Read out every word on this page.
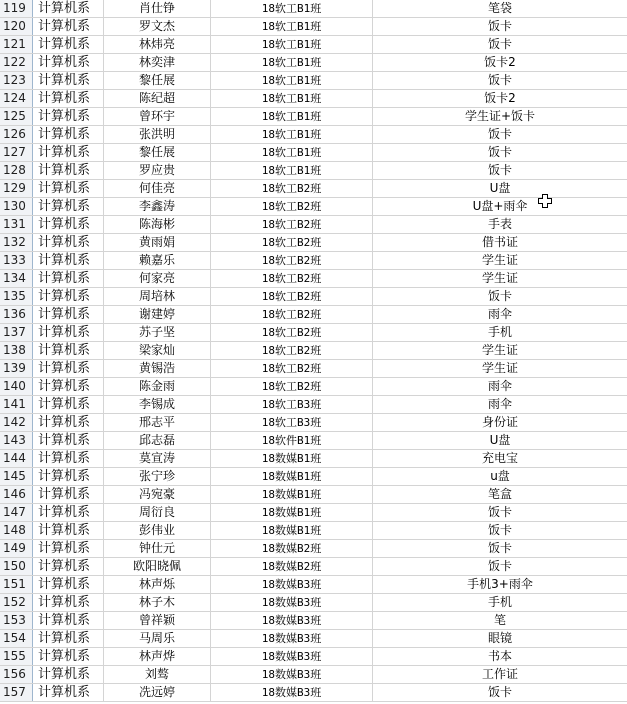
119 计算机系	肖仕铮	18软工B1班	笔袋
120 计算机系	罗文杰	18软工B1班	饭卡
121 计算机系	林炜亮	18软工B1班	饭卡
122 计算机系	林奕津	18软工B1班	饭卡2
123 计算机系	黎任展	18软工B1班	饭卡
124 计算机系	陈纪超	18软工B1班	饭卡2
125 计算机系	曾环宇	18软工B1班	学生证+饭卡
126 计算机系	张洪明	18软工B1班	饭卡
127 计算机系	黎任展	18软工B1班	饭卡
128 计算机系	罗应贵	18软工B1班	饭卡
129 计算机系	何佳亮	18软工B2班	U盘
130 计算机系	李鑫涛	18软工B2班	U盘+雨伞
131 计算机系	陈海彬	18软工B2班	手表
132 计算机系	黄雨娟	18软工B2班	借书证
133 计算机系	赖嘉乐	18软工B2班	学生证
134 计算机系	何家亮	18软工B2班	学生证
135 计算机系	周培林	18软工B2班	饭卡
136 计算机系	谢建婷	18软工B2班	雨伞
137 计算机系	苏子坚	18软工B2班	手机
138 计算机系	梁家灿	18软工B2班	学生证
139 计算机系	黄锡浩	18软工B2班	学生证
140 计算机系	陈金雨	18软工B2班	雨伞
141 计算机系	李锡成	18软工B3班	雨伞
142 计算机系	邢志平	18软工B3班	身份证
143 计算机系	邱志磊	18软件B1班	U盘
144 计算机系	莫宣涛	18数媒B1班	充电宝
145 计算机系	张宁珍	18数媒B1班	u盘
146 计算机系	冯宛豪	18数媒B1班	笔盒
147 计算机系	周衍良	18数媒B1班	饭卡
148 计算机系	彭伟业	18数媒B1班	饭卡
149 计算机系	钟仕元	18数媒B2班	饭卡
150 计算机系	欧阳晓佩	18数媒B2班	饭卡
151 计算机系	林声烁	18数媒B3班	手机3+雨伞
152 计算机系	林子木	18数媒B3班	手机
153 计算机系	曾祥颖	18数媒B3班	笔
154 计算机系	马周乐	18数媒B3班	眼镜
155 计算机系	林声烨	18数媒B3班	书本
156 计算机系	刘骜	18数媒B3班	工作证
157 计算机系	冼远婷	18数媒B3班	饭卡
